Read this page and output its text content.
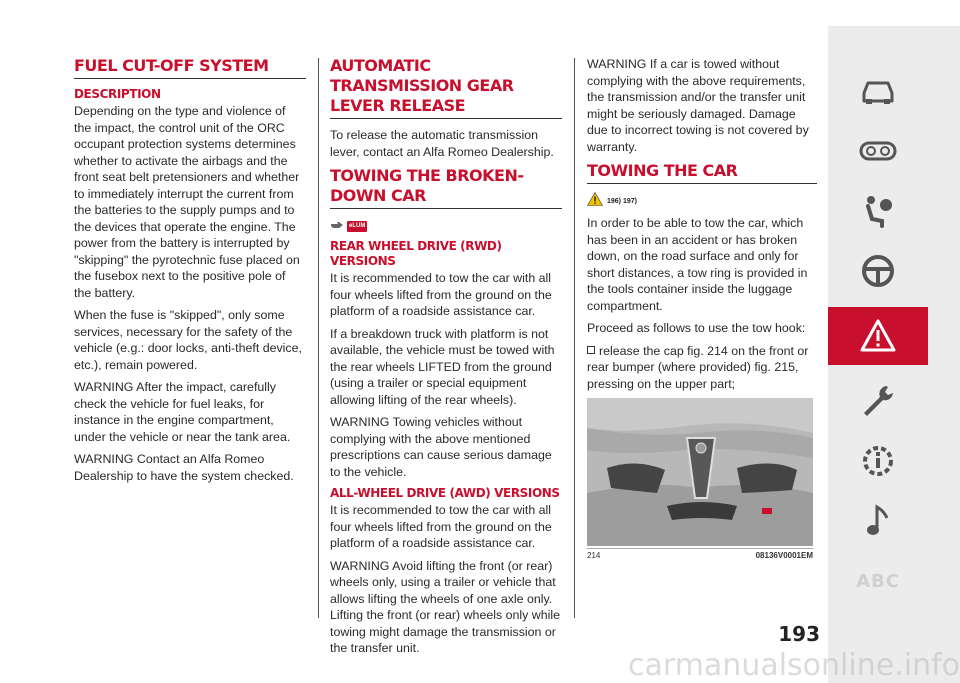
FUEL CUT-OFF SYSTEM
DESCRIPTION

Depending on the type and violence of the impact, the control unit of the ORC occupant protection systems determines whether to activate the airbags and the front seat belt pretensioners and whether to immediately interrupt the current from the batteries to the supply pumps and to the devices that operate the engine. The power from the battery is interrupted by "skipping" the pyrotechnic fuse placed on the fusebox next to the positive pole of the battery.

When the fuse is "skipped", only some services, necessary for the safety of the vehicle (e.g.: door locks, anti-theft device, etc.), remain powered.

WARNING After the impact, carefully check the vehicle for fuel leaks, for instance in the engine compartment, under the vehicle or near the tank area.

WARNING Contact an Alfa Romeo Dealership to have the system checked.

AUTOMATIC TRANSMISSION GEAR LEVER RELEASE

To release the automatic transmission lever, contact an Alfa Romeo Dealership.

TOWING THE BROKEN-DOWN CAR
eLUM
REAR WHEEL DRIVE (RWD) VERSIONS

It is recommended to tow the car with all four wheels lifted from the ground on the platform of a roadside assistance car.

If a breakdown truck with platform is not available, the vehicle must be towed with the rear wheels LIFTED from the ground (using a trailer or special equipment allowing lifting of the rear wheels).

WARNING Towing vehicles without complying with the above mentioned prescriptions can cause serious damage to the vehicle.

ALL-WHEEL DRIVE (AWD) VERSIONS

It is recommended to tow the car with all four wheels lifted from the ground on the platform of a roadside assistance car.

WARNING Avoid lifting the front (or rear) wheels only, using a trailer or vehicle that allows lifting the wheels of one axle only. Lifting the front (or rear) wheels only while towing might damage the transmission or the transfer unit.

WARNING If a car is towed without complying with the above requirements, the transmission and/or the transfer unit might be seriously damaged. Damage due to incorrect towing is not covered by warranty.

TOWING THE CAR
196) 197)

In order to be able to tow the car, which has been in an accident or has broken down, on the road surface and only for short distances, a tow ring is provided in the tools container inside the luggage compartment.

Proceed as follows to use the tow hook:

release the cap fig. 214 on the front or rear bumper (where provided) fig. 215, pressing on the upper part;

214	08136V0001EM
193
ABC
carmanualsonline.info
